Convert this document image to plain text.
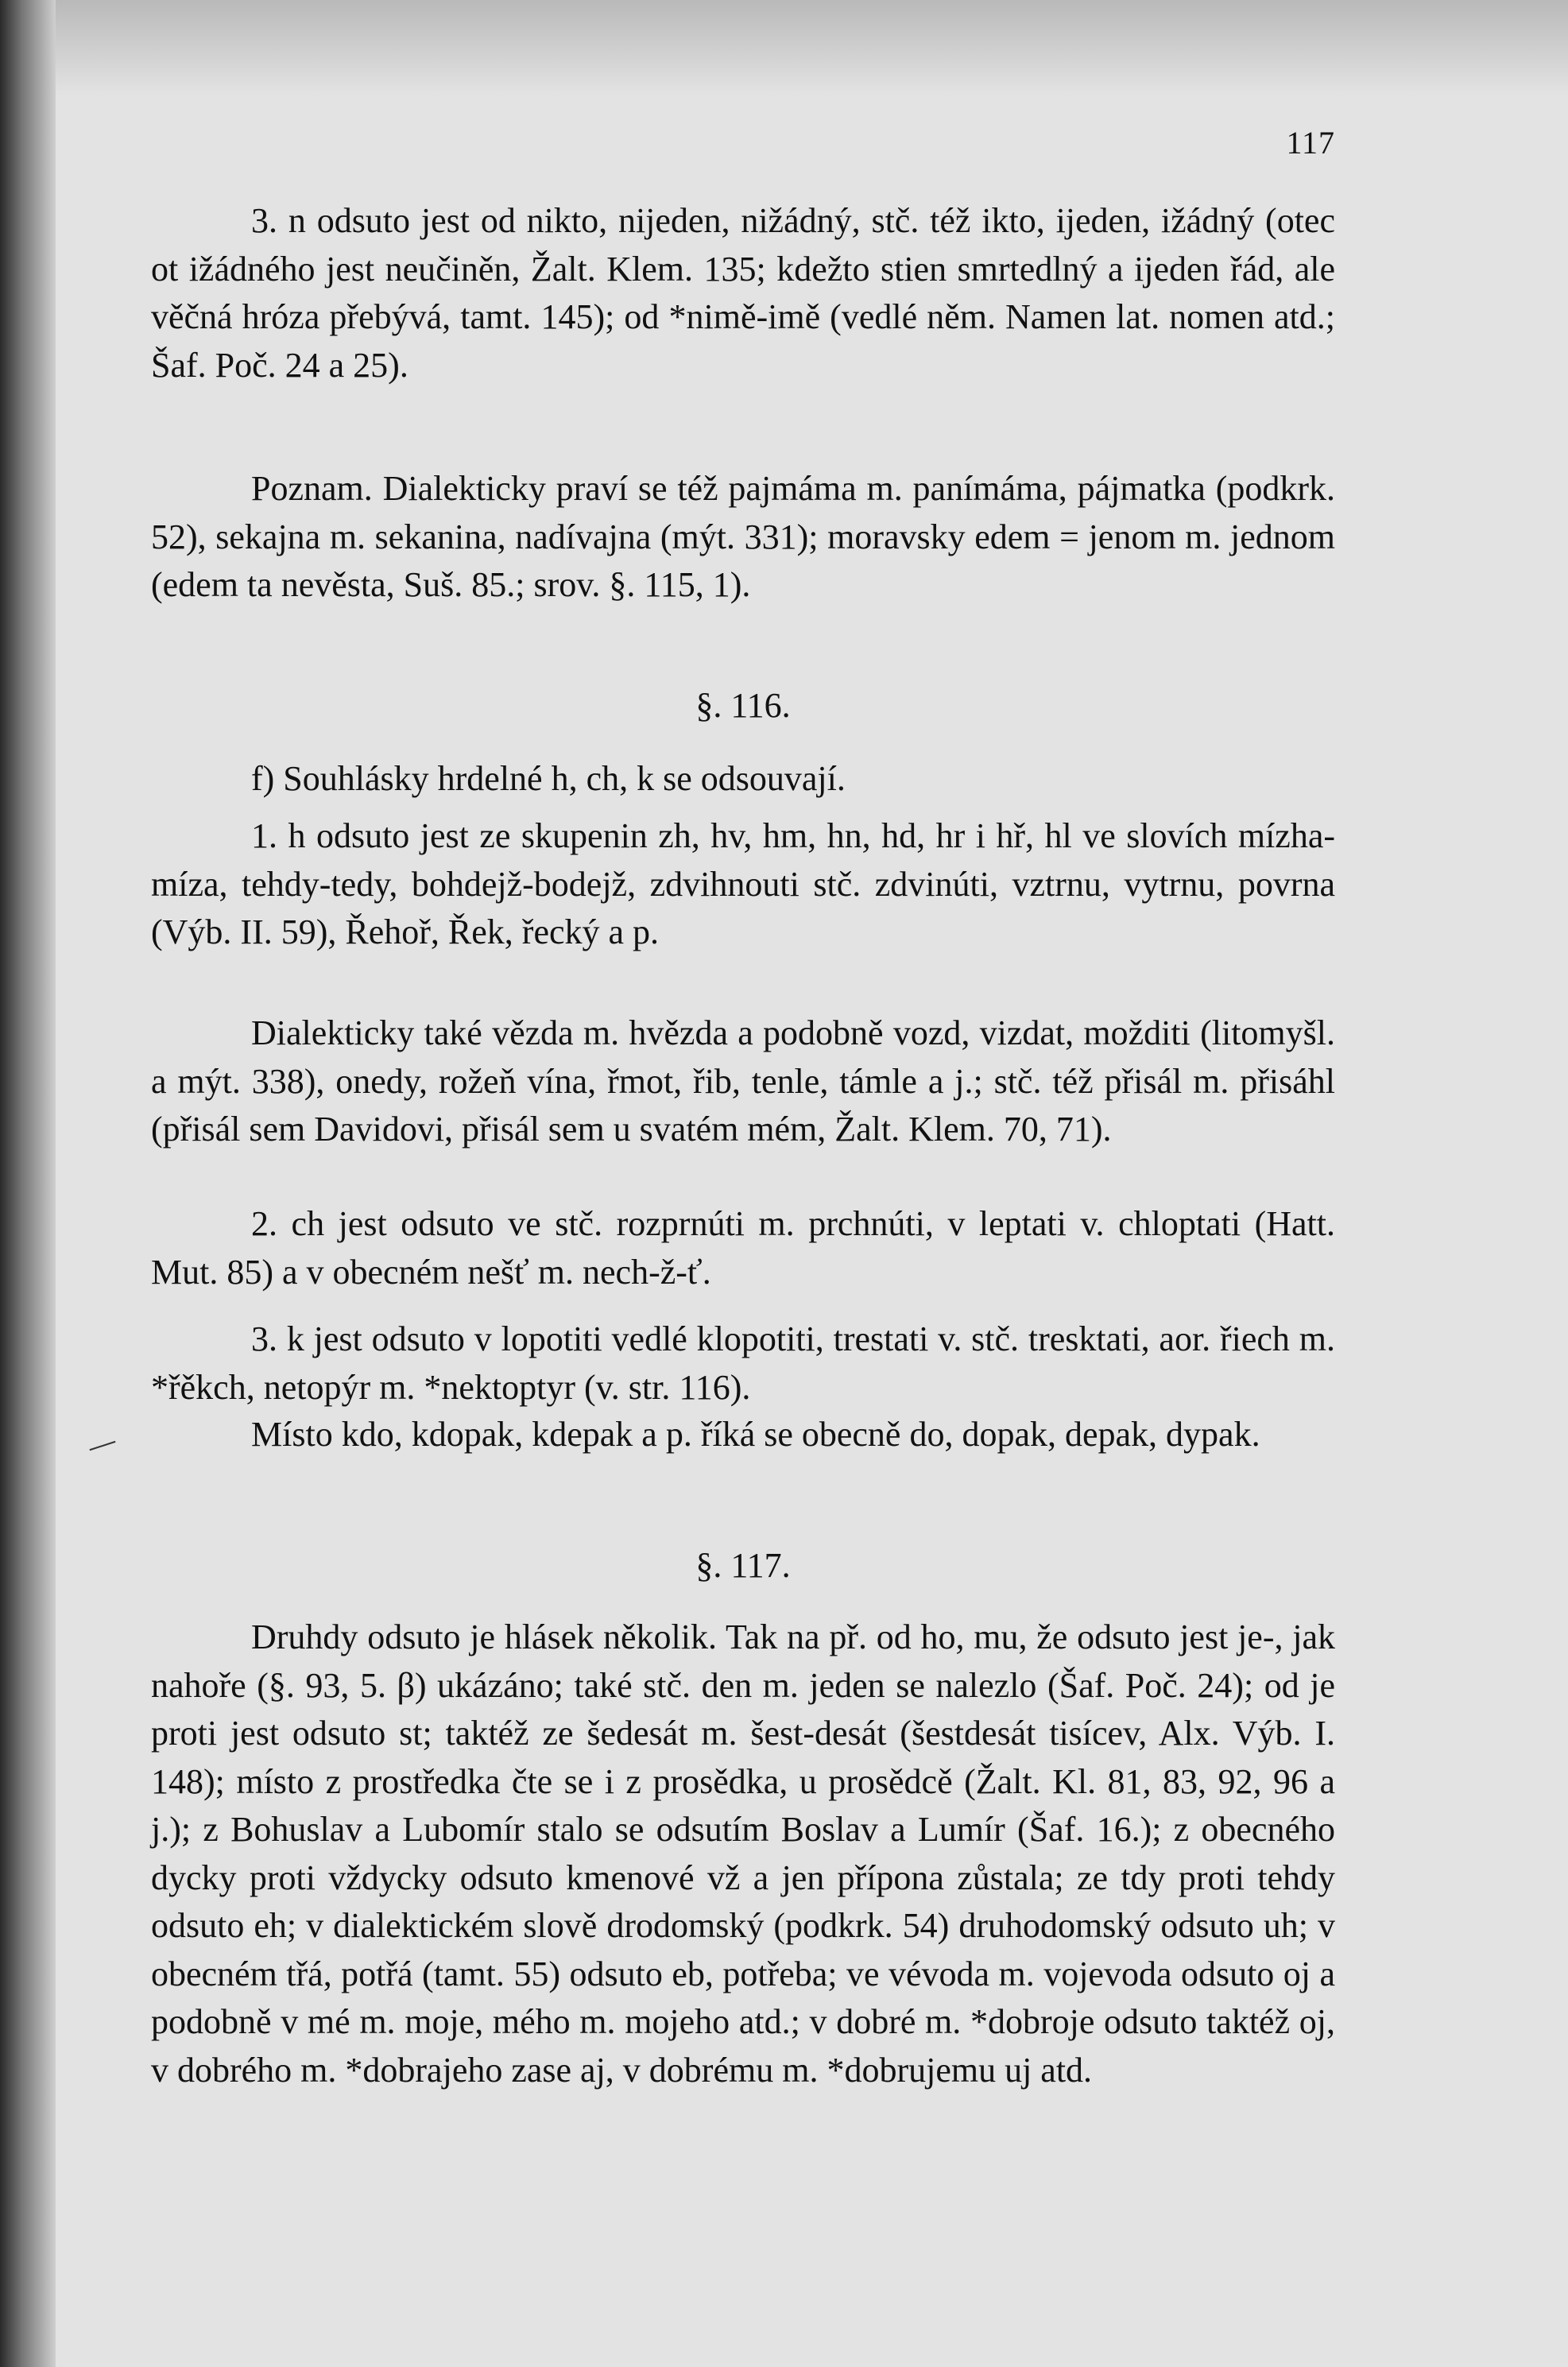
117

3. n odsuto jest od nikto, nijeden, nižádný, stč. též ikto, ijeden, ižádný (otec ot ižádného jest neučiněn, Žalt. Klem. 135; kdežto stien smrtedlný a ijeden řád, ale věčná hróza přebývá, tamt. 145); od *nimě-imě (vedlé něm. Namen lat. nomen atd.; Šaf. Poč. 24 a 25).

Poznam. Dialekticky praví se též pajmáma m. panímáma, pájmatka (podkrk. 52), sekajna m. sekanina, nadívajna (mýt. 331); moravsky edem = jenom m. jednom (edem ta nevěsta, Suš. 85.; srov. §. 115, 1).

§. 116.

f) Souhlásky hrdelné h, ch, k se odsouvají.

1. h odsuto jest ze skupenin zh, hv, hm, hn, hd, hr i hř, hl ve slovích mízha-míza, tehdy-tedy, bohdejž-bodejž, zdvihnouti stč. zdvinúti, vztrnu, vytrnu, povrna (Výb. II. 59), Řehoř, Řek, řecký a p.

Dialekticky také vězda m. hvězda a podobně vozd, vizdat, možditi (litomyšl. a mýt. 338), onedy, rožeň vína, řmot, řib, tenle, támle a j.; stč. též přisál m. přisáhl (přisál sem Davidovi, přisál sem u svatém mém, Žalt. Klem. 70, 71).

2. ch jest odsuto ve stč. rozprnúti m. prchnúti, v leptati v. chloptati (Hatt. Mut. 85) a v obecném nešť m. nech-ž-ť.

3. k jest odsuto v lopotiti vedlé klopotiti, trestati v. stč. tresktati, aor. řiech m. *řěkch, netopýr m. *nektoptyr (v. str. 116).

Místo kdo, kdopak, kdepak a p. říká se obecně do, dopak, depak, dypak.

§. 117.

Druhdy odsuto je hlásek několik. Tak na př. od ho, mu, že odsuto jest je-, jak nahoře (§. 93, 5. β) ukázáno; také stč. den m. jeden se nalezlo (Šaf. Poč. 24); od je proti jest odsuto st; taktéž ze šedesát m. šest-desát (šestdesát tisícev, Alx. Výb. I. 148); místo z prostředka čte se i z prosědka, u prosědcě (Žalt. Kl. 81, 83, 92, 96 a j.); z Bohuslav a Lubomír stalo se odsutím Boslav a Lumír (Šaf. 16.); z obecného dycky proti vždycky odsuto kmenové vž a jen přípona zůstala; ze tdy proti tehdy odsuto eh; v dialektickém slově drodomský (podkrk. 54) druhodomský odsuto uh; v obecném třá, potřá (tamt. 55) odsuto eb, potřeba; ve vévoda m. vojevoda odsuto oj a podobně v mé m. moje, mého m. mojeho atd.; v dobré m. *dobroje odsuto taktéž oj, v dobrého m. *dobrajeho zase aj, v dobrému m. *dobrujemu uj atd.
